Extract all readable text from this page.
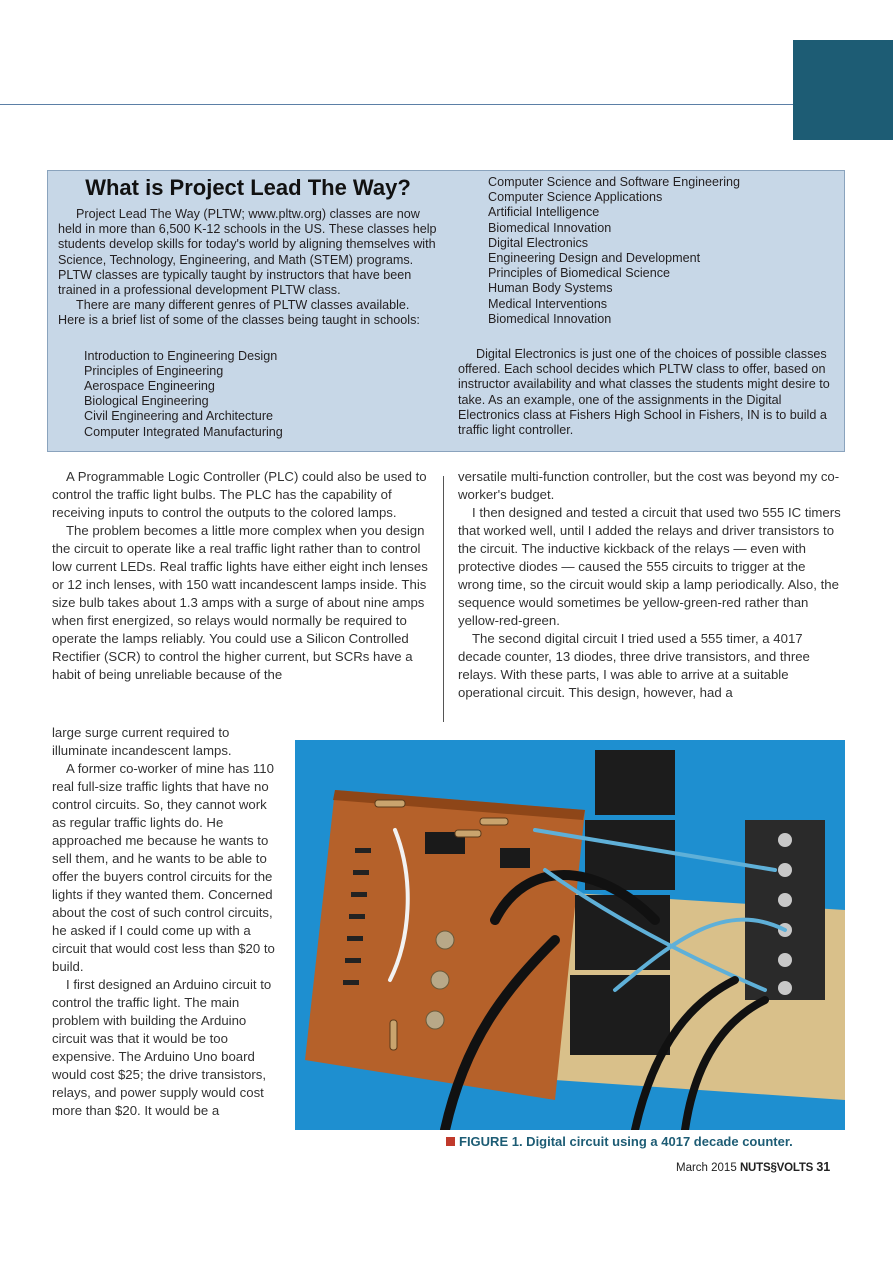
What is Project Lead The Way?

Project Lead The Way (PLTW; www.pltw.org) classes are now held in more than 6,500 K-12 schools in the US. These classes help students develop skills for today's world by aligning themselves with Science, Technology, Engineering, and Math (STEM) programs. PLTW classes are typically taught by instructors that have been trained in a professional development PLTW class.

There are many different genres of PLTW classes available. Here is a brief list of some of the classes being taught in schools:

Introduction to Engineering Design
Principles of Engineering
Aerospace Engineering
Biological Engineering
Civil Engineering and Architecture
Computer Integrated Manufacturing
Computer Science and Software Engineering
Computer Science Applications
Artificial Intelligence
Biomedical Innovation
Digital Electronics
Engineering Design and Development
Principles of Biomedical Science
Human Body Systems
Medical Interventions
Biomedical Innovation

Digital Electronics is just one of the choices of possible classes offered. Each school decides which PLTW class to offer, based on instructor availability and what classes the students might desire to take. As an example, one of the assignments in the Digital Electronics class at Fishers High School in Fishers, IN is to build a traffic light controller.

A Programmable Logic Controller (PLC) could also be used to control the traffic light bulbs. The PLC has the capability of receiving inputs to control the outputs to the colored lamps.

The problem becomes a little more complex when you design the circuit to operate like a real traffic light rather than to control low current LEDs. Real traffic lights have either eight inch lenses or 12 inch lenses, with 150 watt incandescent lamps inside. This size bulb takes about 1.3 amps with a surge of about nine amps when first energized, so relays would normally be required to operate the lamps reliably. You could use a Silicon Controlled Rectifier (SCR) to control the higher current, but SCRs have a habit of being unreliable because of the

large surge current required to illuminate incandescent lamps.

A former co-worker of mine has 110 real full-size traffic lights that have no control circuits. So, they cannot work as regular traffic lights do. He approached me because he wants to sell them, and he wants to be able to offer the buyers control circuits for the lights if they wanted them. Concerned about the cost of such control circuits, he asked if I could come up with a circuit that would cost less than $20 to build.

I first designed an Arduino circuit to control the traffic light. The main problem with building the Arduino circuit was that it would be too expensive. The Arduino Uno board would cost $25; the drive transistors, relays, and power supply would cost more than $20. It would be a

versatile multi-function controller, but the cost was beyond my co-worker's budget.

I then designed and tested a circuit that used two 555 IC timers that worked well, until I added the relays and driver transistors to the circuit. The inductive kickback of the relays — even with protective diodes — caused the 555 circuits to trigger at the wrong time, so the circuit would skip a lamp periodically. Also, the sequence would sometimes be yellow-green-red rather than yellow-red-green.

The second digital circuit I tried used a 555 timer, a 4017 decade counter, 13 diodes, three drive transistors, and three relays. With these parts, I was able to arrive at a suitable operational circuit. This design, however, had a

FIGURE 1. Digital circuit using a 4017 decade counter.
March 2015 NUTS§VOLTS 31
